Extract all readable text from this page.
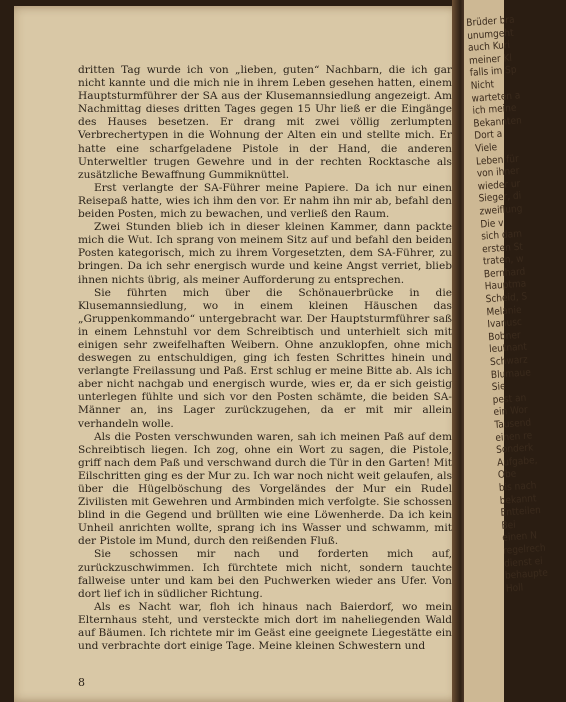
dritten Tag wurde ich von „lieben, guten“ Nachbarn, die ich gar nicht kannte und die mich nie in ihrem Leben gesehen hatten, einem Hauptsturmführer der SA aus der Klusemannsiedlung angezeigt. Am Nachmittag dieses dritten Tages gegen 15 Uhr ließ er die Eingänge des Hauses besetzen. Er drang mit zwei völlig zerlumpten Verbrechertypen in die Wohnung der Alten ein und stellte mich. Er hatte eine scharfgeladene Pistole in der Hand, die anderen Unterweltler trugen Gewehre und in der rechten Rocktasche als zusätzliche Bewaffnung Gummiknüttel.

Erst verlangte der SA-Führer meine Papiere. Da ich nur einen Reisepaß hatte, wies ich ihm den vor. Er nahm ihn mir ab, befahl den beiden Posten, mich zu bewachen, und verließ den Raum.

Zwei Stunden blieb ich in dieser kleinen Kammer, dann packte mich die Wut. Ich sprang von meinem Sitz auf und befahl den beiden Posten kategorisch, mich zu ihrem Vorgesetzten, dem SA-Führer, zu bringen. Da ich sehr energisch wurde und keine Angst verriet, blieb ihnen nichts übrig, als meiner Aufforderung zu entsprechen.

Sie führten mich über die Schönauerbrücke in die Klusemannsiedlung, wo in einem kleinen Häuschen das „Gruppenkommando“ untergebracht war. Der Hauptsturmführer saß in einem Lehnstuhl vor dem Schreibtisch und unterhielt sich mit einigen sehr zweifelhaften Weibern. Ohne anzuklopfen, ohne mich deswegen zu entschuldigen, ging ich festen Schrittes hinein und verlangte Freilassung und Paß. Erst schlug er meine Bitte ab. Als ich aber nicht nachgab und energisch wurde, wies er, da er sich geistig unterlegen fühlte und sich vor den Posten schämte, die beiden SA-Männer an, ins Lager zurückzugehen, da er mit mir allein verhandeln wolle.

Als die Posten verschwunden waren, sah ich meinen Paß auf dem Schreibtisch liegen. Ich zog, ohne ein Wort zu sagen, die Pistole, griff nach dem Paß und verschwand durch die Tür in den Garten! Mit Eilschritten ging es der Mur zu. Ich war noch nicht weit gelaufen, als über die Hügelböschung des Vorgeländes der Mur ein Rudel Zivilisten mit Gewehren und Armbinden mich verfolgte. Sie schossen blind in die Gegend und brüllten wie eine Löwenherde. Da ich kein Unheil anrichten wollte, sprang ich ins Wasser und schwamm, mit der Pistole im Mund, durch den reißenden Fluß.

Sie schossen mir nach und forderten mich auf, zurückzuschwimmen. Ich fürchtete mich nicht, sondern tauchte fallweise unter und kam bei den Puchwerken wieder ans Ufer. Von dort lief ich in südlicher Richtung.

Als es Nacht war, floh ich hinaus nach Baierdorf, wo mein Elternhaus steht, und versteckte mich dort im naheliegenden Wald auf Bäumen. Ich richtete mir im Geäst eine geeignete Liegestätte ein und verbrachte dort einige Tage. Meine kleinen Schwestern und

8
Brüder bra
unumgeht
auch Kuri
meiner Kl
falls im Sp
Nicht
warteten a
ich meine
Bekannten
Dort a
Viele
Leben für
von ihner
wieder ur
Sieger, di
zweiflung
Die v
sich dam
ersten St
traten, w
Bernhard
Hauptma
Scheid, S
Melanie
Ivanusc
Bobner
leutnant
Schwarz
Blumaue
Sie
pest an
ein Wor
Tausend
einen re
Sonderk
Aufgabe,
Obe
bis nach
bekannt
Entteilen
Bei
einen N
regelrech
dienst ei
behaupte
Holl
